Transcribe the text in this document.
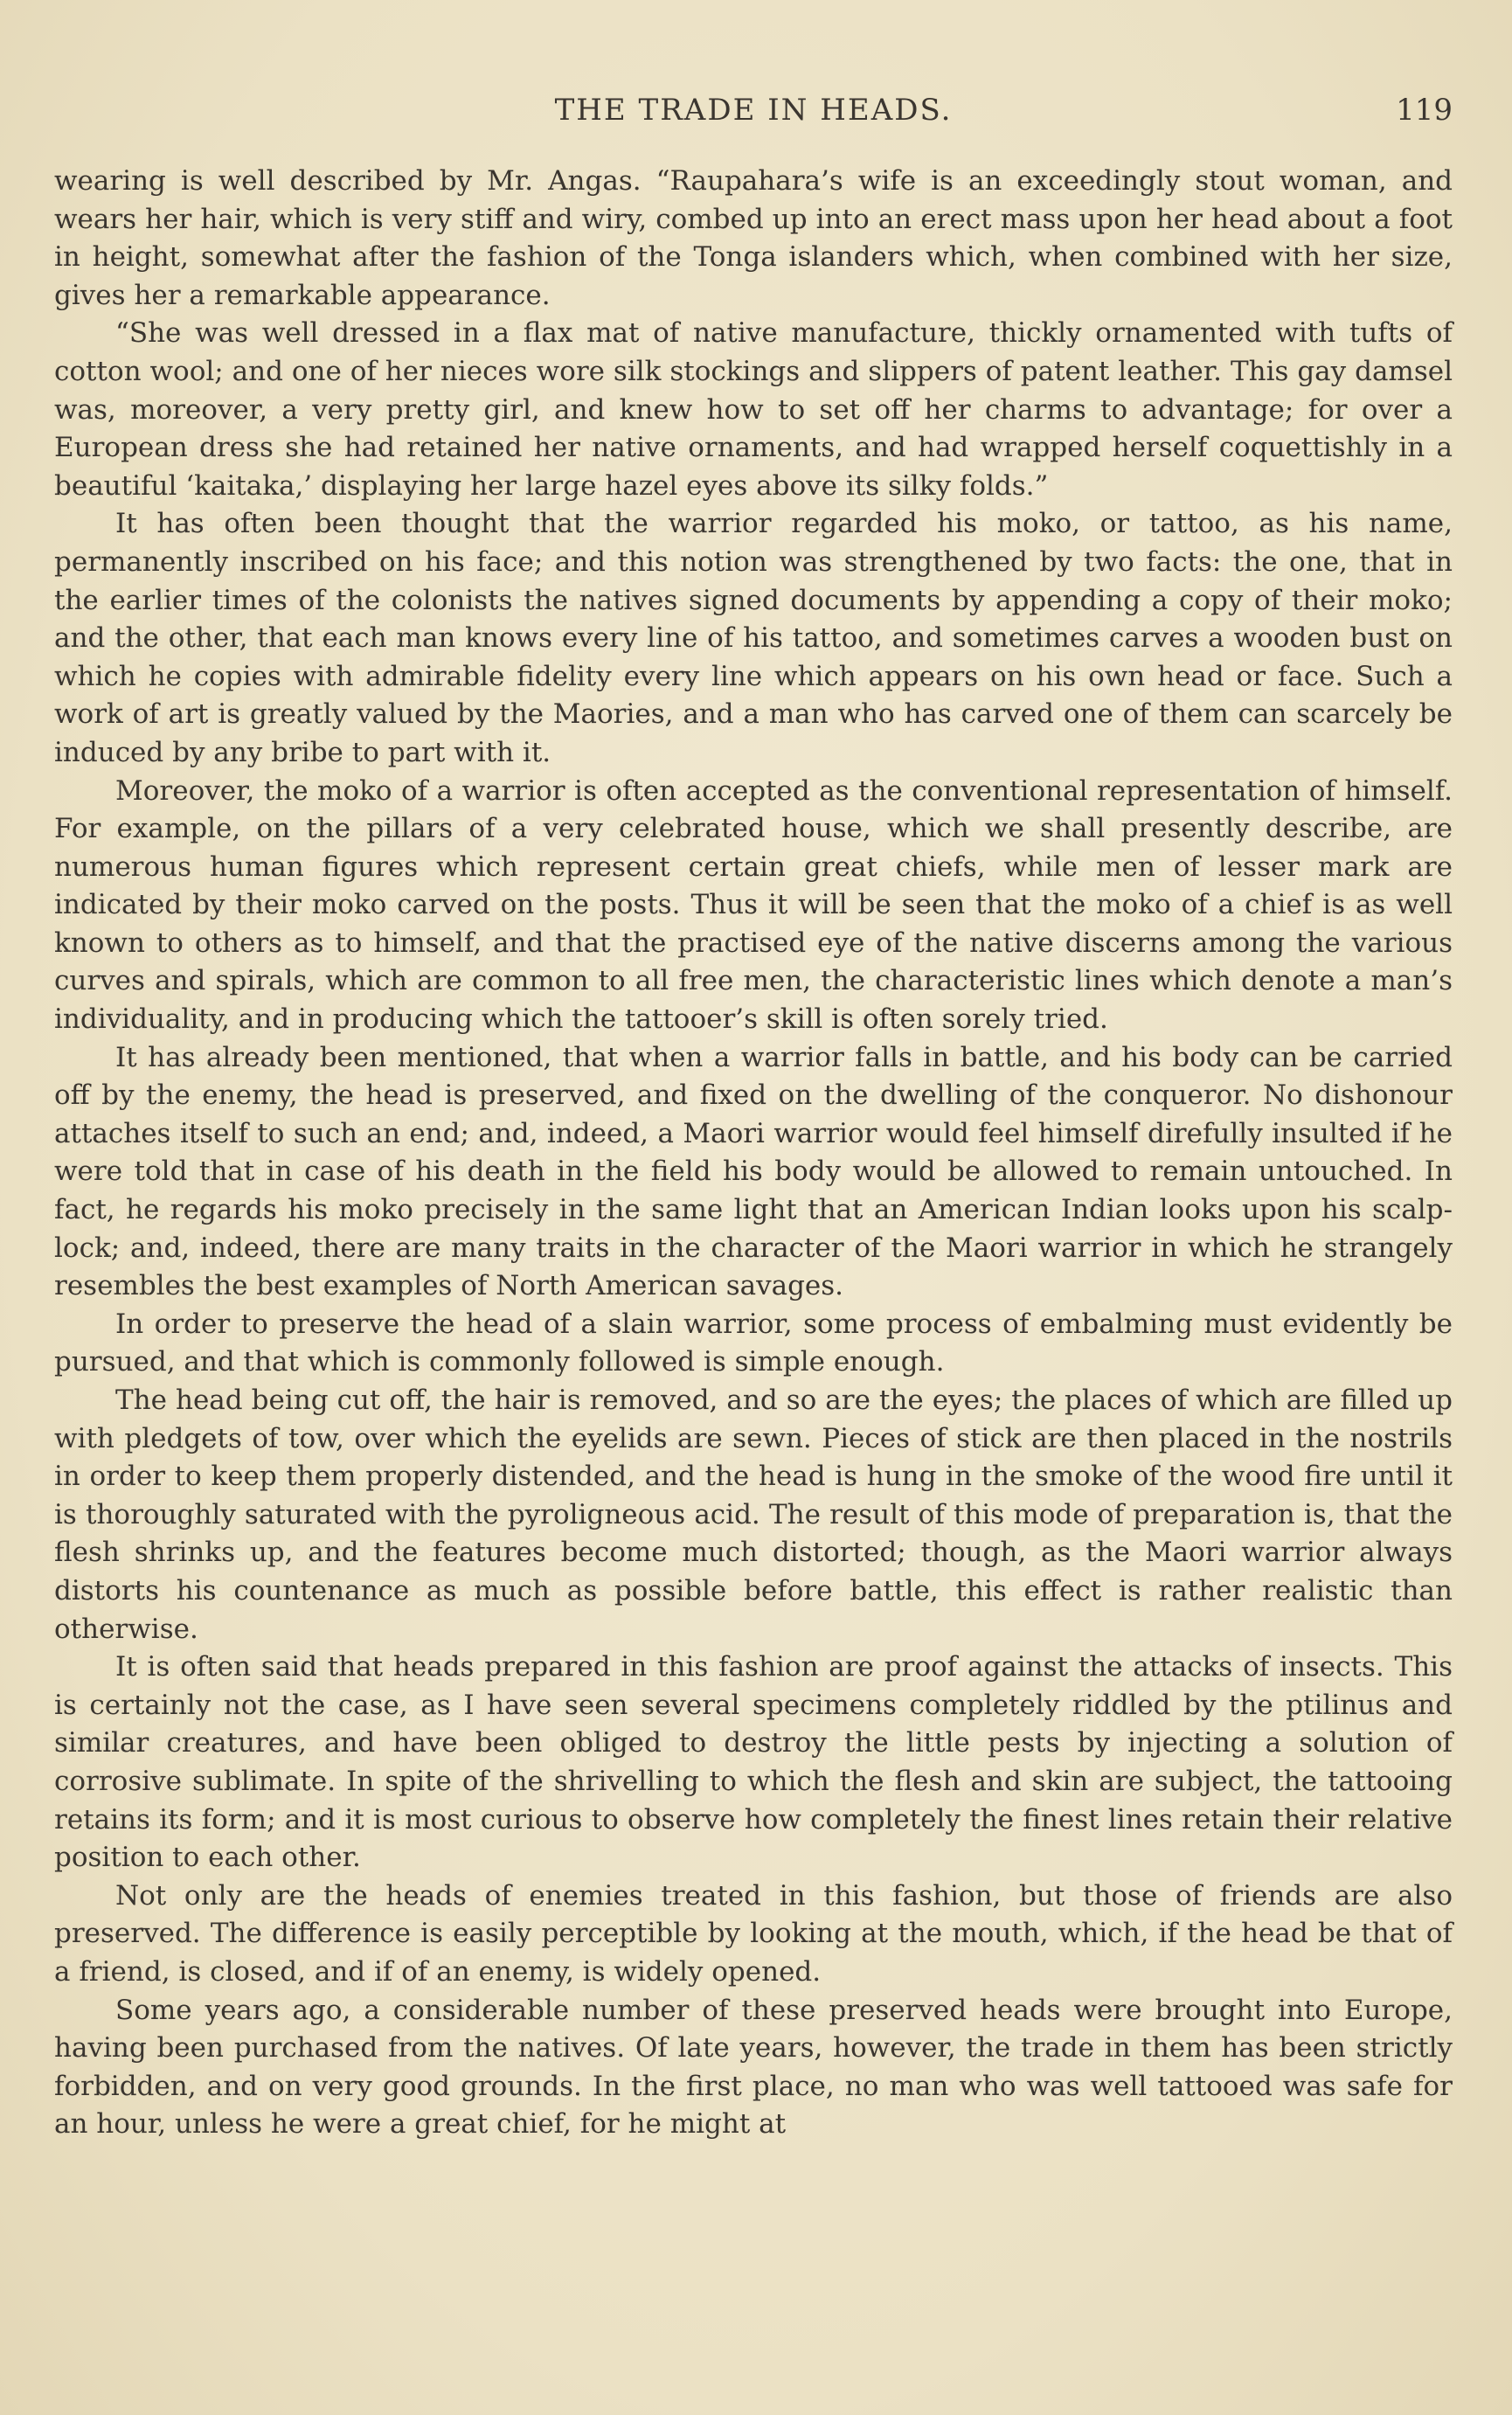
THE TRADE IN HEADS.	119

wearing is well described by Mr. Angas. “Raupahara’s wife is an exceedingly stout woman, and wears her hair, which is very stiff and wiry, combed up into an erect mass upon her head about a foot in height, somewhat after the fashion of the Tonga islanders which, when combined with her size, gives her a remarkable appearance.

“She was well dressed in a flax mat of native manufacture, thickly ornamented with tufts of cotton wool; and one of her nieces wore silk stockings and slippers of patent leather. This gay damsel was, moreover, a very pretty girl, and knew how to set off her charms to advantage; for over a European dress she had retained her native ornaments, and had wrapped herself coquettishly in a beautiful ‘kaitaka,’ displaying her large hazel eyes above its silky folds.”

It has often been thought that the warrior regarded his moko, or tattoo, as his name, permanently inscribed on his face; and this notion was strengthened by two facts: the one, that in the earlier times of the colonists the natives signed documents by appending a copy of their moko; and the other, that each man knows every line of his tattoo, and sometimes carves a wooden bust on which he copies with admirable fidelity every line which appears on his own head or face. Such a work of art is greatly valued by the Maories, and a man who has carved one of them can scarcely be induced by any bribe to part with it.

Moreover, the moko of a warrior is often accepted as the conventional representation of himself. For example, on the pillars of a very celebrated house, which we shall presently describe, are numerous human figures which represent certain great chiefs, while men of lesser mark are indicated by their moko carved on the posts. Thus it will be seen that the moko of a chief is as well known to others as to himself, and that the practised eye of the native discerns among the various curves and spirals, which are common to all free men, the characteristic lines which denote a man’s individuality, and in producing which the tattooer’s skill is often sorely tried.

It has already been mentioned, that when a warrior falls in battle, and his body can be carried off by the enemy, the head is preserved, and fixed on the dwelling of the conqueror. No dishonour attaches itself to such an end; and, indeed, a Maori warrior would feel himself direfully insulted if he were told that in case of his death in the field his body would be allowed to remain untouched. In fact, he regards his moko precisely in the same light that an American Indian looks upon his scalp-lock; and, indeed, there are many traits in the character of the Maori warrior in which he strangely resembles the best examples of North American savages.

In order to preserve the head of a slain warrior, some process of embalming must evidently be pursued, and that which is commonly followed is simple enough.

The head being cut off, the hair is removed, and so are the eyes; the places of which are filled up with pledgets of tow, over which the eyelids are sewn. Pieces of stick are then placed in the nostrils in order to keep them properly distended, and the head is hung in the smoke of the wood fire until it is thoroughly saturated with the pyroligneous acid. The result of this mode of preparation is, that the flesh shrinks up, and the features become much distorted; though, as the Maori warrior always distorts his countenance as much as possible before battle, this effect is rather realistic than otherwise.

It is often said that heads prepared in this fashion are proof against the attacks of insects. This is certainly not the case, as I have seen several specimens completely riddled by the ptilinus and similar creatures, and have been obliged to destroy the little pests by injecting a solution of corrosive sublimate. In spite of the shrivelling to which the flesh and skin are subject, the tattooing retains its form; and it is most curious to observe how completely the finest lines retain their relative position to each other.

Not only are the heads of enemies treated in this fashion, but those of friends are also preserved. The difference is easily perceptible by looking at the mouth, which, if the head be that of a friend, is closed, and if of an enemy, is widely opened.

Some years ago, a considerable number of these preserved heads were brought into Europe, having been purchased from the natives. Of late years, however, the trade in them has been strictly forbidden, and on very good grounds. In the first place, no man who was well tattooed was safe for an hour, unless he were a great chief, for he might at
